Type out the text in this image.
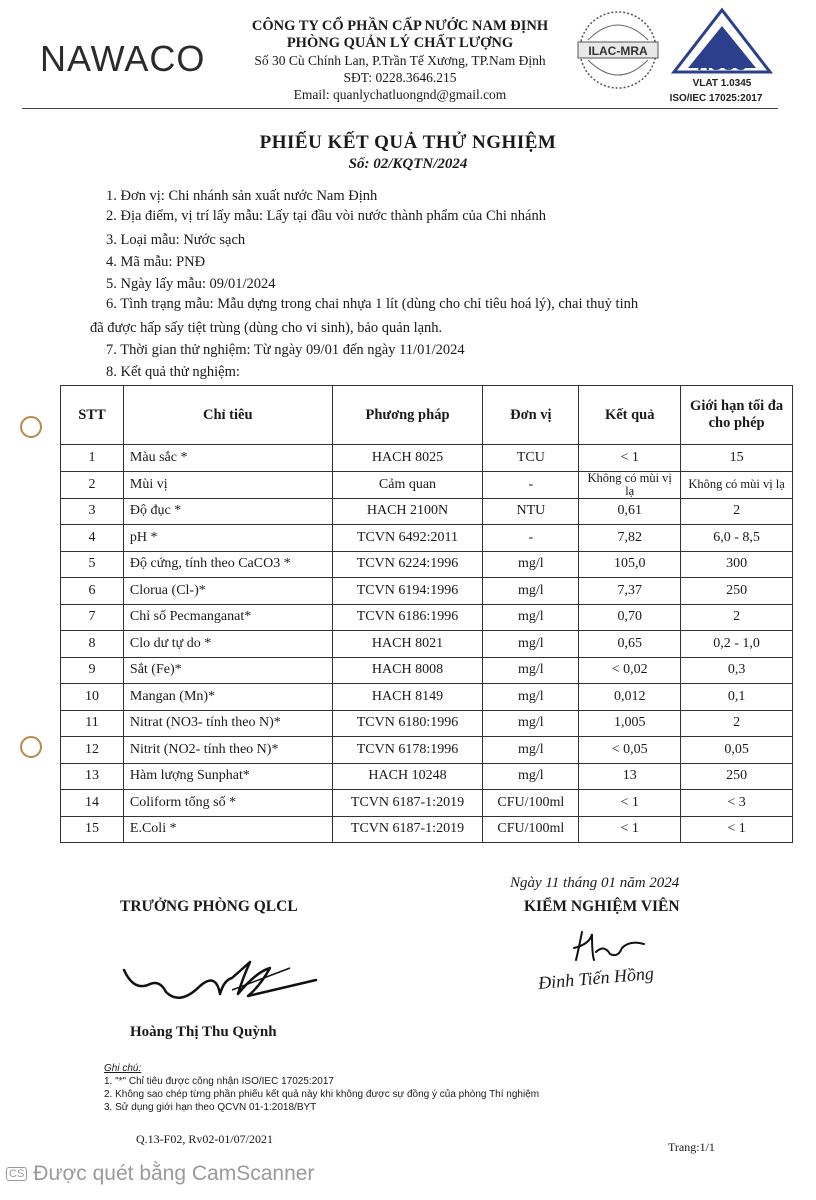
NAWACO
CÔNG TY CỔ PHẦN CẤP NƯỚC NAM ĐỊNH
PHÒNG QUẢN LÝ CHẤT LƯỢNG
Số 30 Cù Chính Lan, P.Trần Tế Xương, TP.Nam Định
SĐT: 0228.3646.215
Email: quanlychatluongnd@gmail.com
ILAC-MRA
AOSC
VLAT 1.0345
ISO/IEC 17025:2017
PHIẾU KẾT QUẢ THỬ NGHIỆM
Số: 02/KQTN/2024
1. Đơn vị: Chi nhánh sản xuất nước Nam Định
2. Địa điểm, vị trí lấy mẫu: Lấy tại đầu vòi nước thành phẩm của Chi nhánh
3. Loại mẫu: Nước sạch
4. Mã mẫu: PNĐ
5. Ngày lấy mẫu: 09/01/2024
6. Tình trạng mẫu: Mẫu dựng trong chai nhựa 1 lít (dùng cho chỉ tiêu hoá lý), chai thuỷ tinh
đã được hấp sấy tiệt trùng (dùng cho vi sinh), bảo quản lạnh.
7. Thời gian thử nghiệm: Từ ngày 09/01 đến ngày 11/01/2024
8. Kết quả thử nghiệm:
STT	Chỉ tiêu	Phương pháp	Đơn vị	Kết quả	Giới hạn tối đa cho phép
1	Màu sắc *	HACH 8025	TCU	< 1	15
2	Mùi vị	Cảm quan	-	Không có mùi vị lạ	Không có mùi vị lạ
3	Độ đục *	HACH 2100N	NTU	0,61	2
4	pH *	TCVN 6492:2011	-	7,82	6,0 - 8,5
5	Độ cứng, tính theo CaCO3 *	TCVN 6224:1996	mg/l	105,0	300
6	Clorua (Cl-)*	TCVN 6194:1996	mg/l	7,37	250
7	Chỉ số Pecmanganat*	TCVN 6186:1996	mg/l	0,70	2
8	Clo dư tự do *	HACH 8021	mg/l	0,65	0,2 - 1,0
9	Sắt (Fe)*	HACH 8008	mg/l	< 0,02	0,3
10	Mangan (Mn)*	HACH 8149	mg/l	0,012	0,1
11	Nitrat (NO3- tính theo N)*	TCVN 6180:1996	mg/l	1,005	2
12	Nitrit (NO2- tính theo N)*	TCVN 6178:1996	mg/l	< 0,05	0,05
13	Hàm lượng Sunphat*	HACH 10248	mg/l	13	250
14	Coliform tổng số *	TCVN 6187-1:2019	CFU/100ml	< 1	< 3
15	E.Coli *	TCVN 6187-1:2019	CFU/100ml	< 1	< 1
TRƯỞNG PHÒNG QLCL
Ngày 11 tháng 01 năm 2024
KIỂM NGHIỆM VIÊN
Đinh Tiến Hồng
Hoàng Thị Thu Quỳnh
Ghi chú:
1. "*" Chỉ tiêu được công nhận ISO/IEC 17025:2017
2. Không sao chép từng phần phiếu kết quả này khi không được sự đồng ý của phòng Thí nghiệm
3. Sử dụng giới hạn theo QCVN 01-1:2018/BYT
Q.13-F02, Rv02-01/07/2021
Trang:1/1
CS Được quét bằng CamScanner
